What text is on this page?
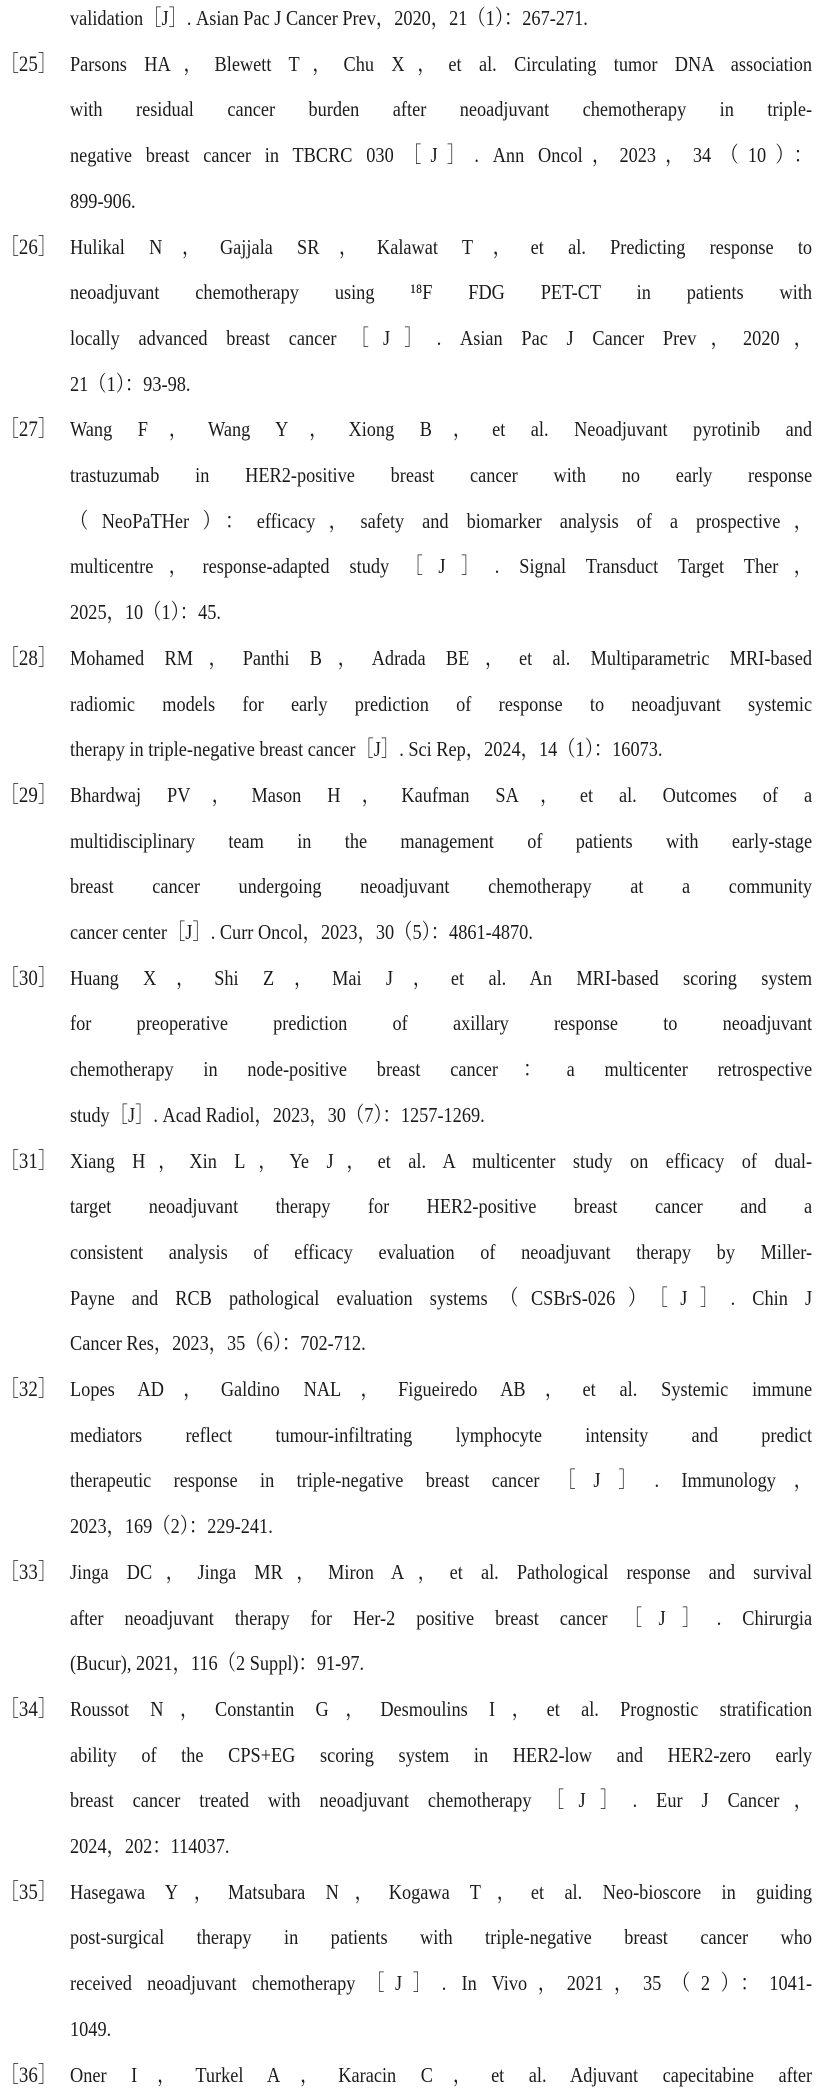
validation［J］. Asian Pac J Cancer Prev，2020，21（1）：267-271.
［25］ Parsons HA，Blewett T，Chu X，et al. Circulating tumor DNA association
with residual cancer burden after neoadjuvant chemotherapy in triple-
negative breast cancer in TBCRC 030［J］. Ann Oncol，2023，34（10）：
899-906.
［26］ Hulikal N，Gajjala SR，Kalawat T，et al. Predicting response to
neoadjuvant chemotherapy using ¹⁸F FDG PET-CT in patients with
locally advanced breast cancer［J］. Asian Pac J Cancer Prev，2020，
21（1）：93-98.
［27］ Wang F，Wang Y，Xiong B，et al. Neoadjuvant pyrotinib and
trastuzumab in HER2-positive breast cancer with no early response
（NeoPaTHer）：efficacy，safety and biomarker analysis of a prospective，
multicentre，response-adapted study［J］. Signal Transduct Target Ther，
2025，10（1）：45.
［28］ Mohamed RM，Panthi B，Adrada BE，et al. Multiparametric MRI-based
radiomic models for early prediction of response to neoadjuvant systemic
therapy in triple-negative breast cancer［J］. Sci Rep，2024，14（1）：16073.
［29］ Bhardwaj PV，Mason H，Kaufman SA，et al. Outcomes of a
multidisciplinary team in the management of patients with early-stage
breast cancer undergoing neoadjuvant chemotherapy at a community
cancer center［J］. Curr Oncol，2023，30（5）：4861-4870.
［30］ Huang X，Shi Z，Mai J，et al. An MRI-based scoring system
for preoperative prediction of axillary response to neoadjuvant
chemotherapy in node-positive breast cancer：a multicenter retrospective
study［J］. Acad Radiol，2023，30（7）：1257-1269.
［31］ Xiang H，Xin L，Ye J，et al. A multicenter study on efficacy of dual-
target neoadjuvant therapy for HER2-positive breast cancer and a
consistent analysis of efficacy evaluation of neoadjuvant therapy by Miller-
Payne and RCB pathological evaluation systems（CSBrS-026）［J］. Chin J
Cancer Res，2023，35（6）：702-712.
［32］ Lopes AD，Galdino NAL，Figueiredo AB，et al. Systemic immune
mediators reflect tumour-infiltrating lymphocyte intensity and predict
therapeutic response in triple-negative breast cancer［J］. Immunology，
2023，169（2）：229-241.
［33］ Jinga DC，Jinga MR，Miron A，et al. Pathological response and survival
after neoadjuvant therapy for Her-2 positive breast cancer［J］. Chirurgia
(Bucur), 2021，116（2 Suppl)：91-97.
［34］ Roussot N，Constantin G，Desmoulins I，et al. Prognostic stratification
ability of the CPS+EG scoring system in HER2-low and HER2-zero early
breast cancer treated with neoadjuvant chemotherapy［J］. Eur J Cancer，
2024，202：114037.
［35］ Hasegawa Y，Matsubara N，Kogawa T，et al. Neo-bioscore in guiding
post-surgical therapy in patients with triple-negative breast cancer who
received neoadjuvant chemotherapy［J］. In Vivo，2021，35（2）：1041-
1049.
［36］ Oner I，Turkel A，Karacin C，et al. Adjuvant capecitabine after
